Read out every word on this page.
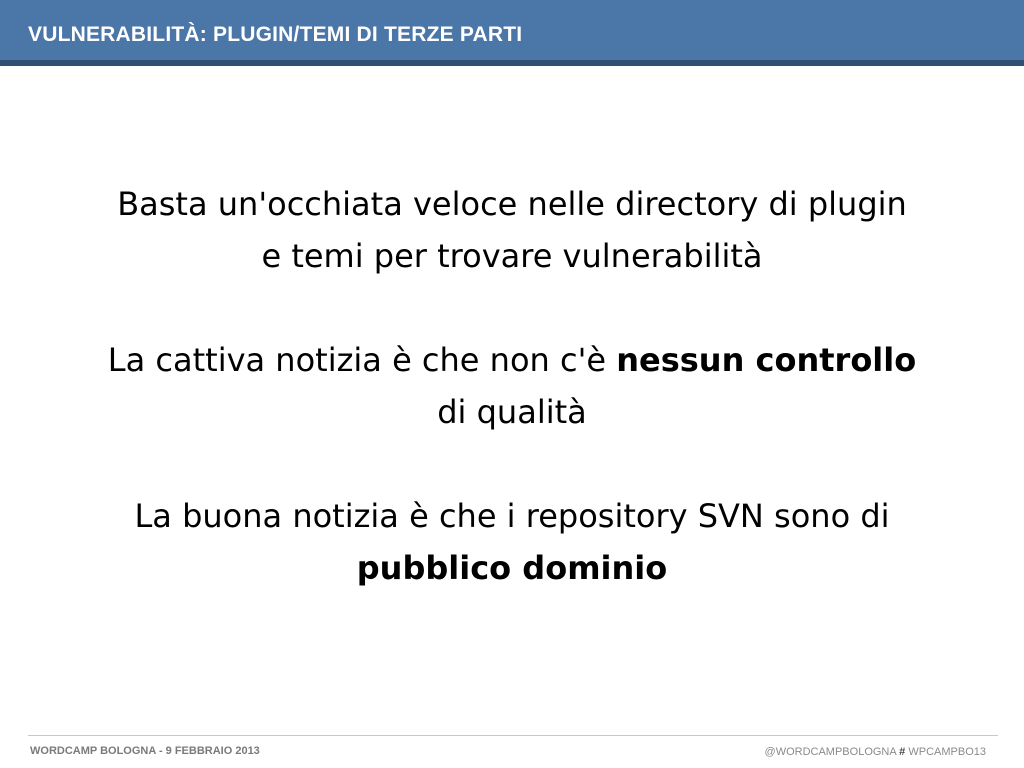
VULNERABILITÀ: PLUGIN/TEMI DI TERZE PARTI

Basta un'occhiata veloce nelle directory di plugin
e temi per trovare vulnerabilità

La cattiva notizia è che non c'è nessun controllo
di qualità

La buona notizia è che i repository SVN sono di
pubblico dominio

WORDCAMP BOLOGNA - 9 FEBBRAIO 2013	@WORDCAMPBOLOGNA # WPCAMPBO13
